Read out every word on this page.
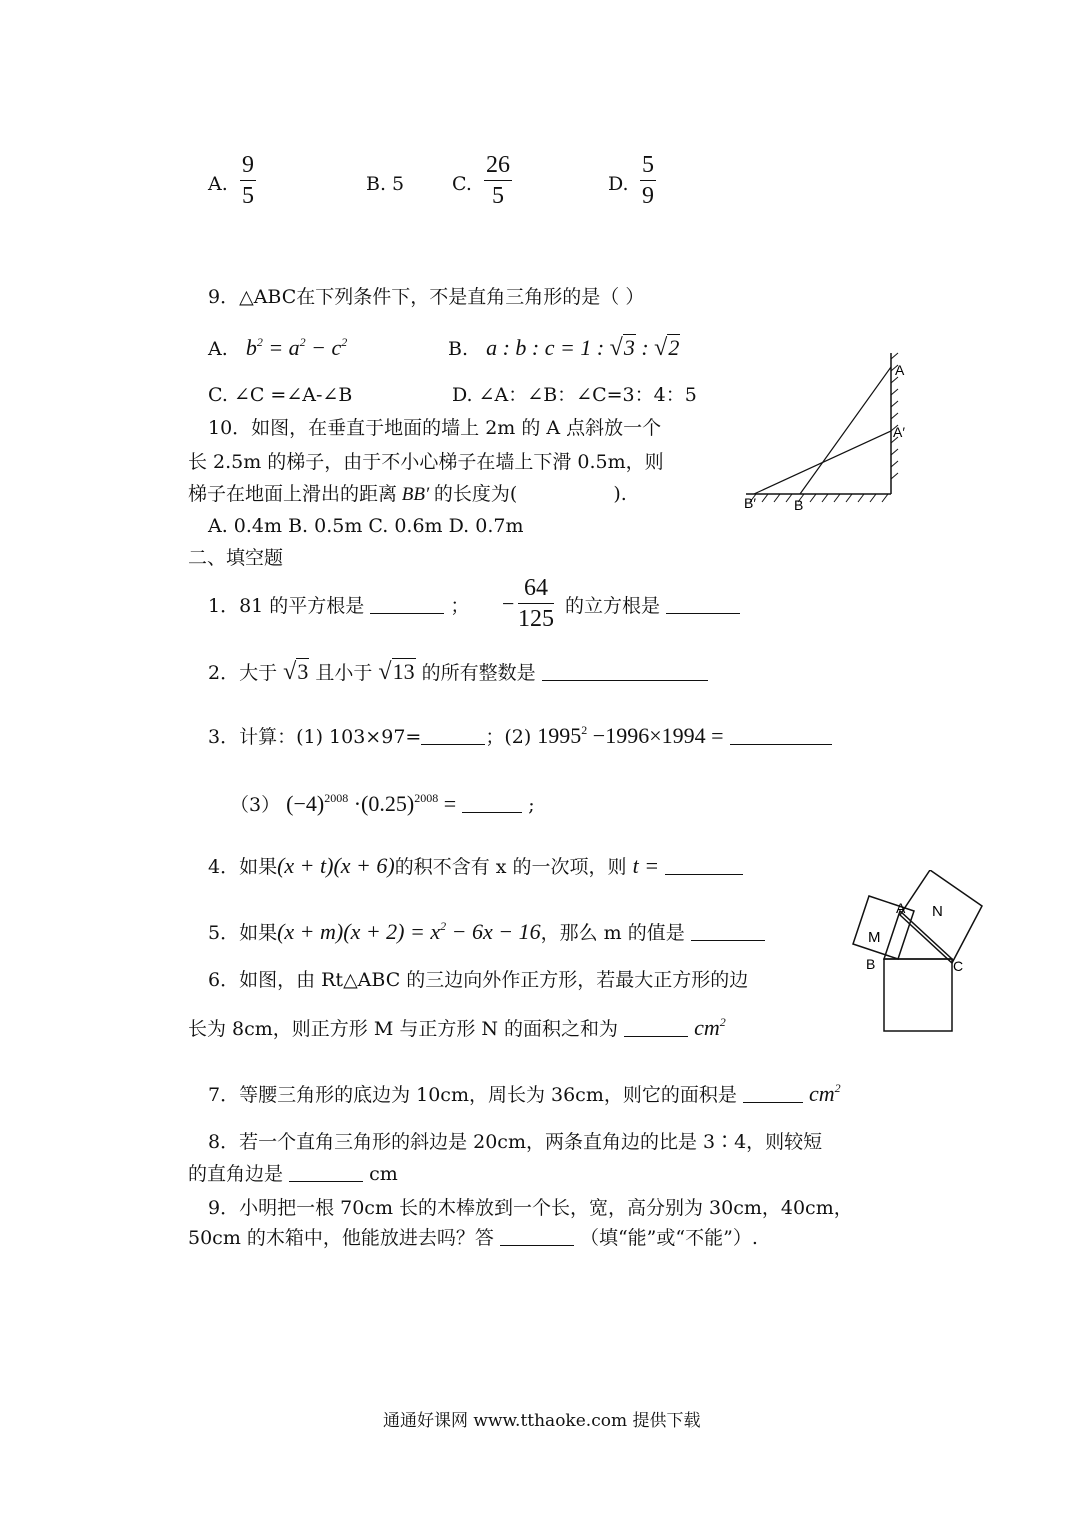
A.
9
5	B. 5	C.
26
5	D.
5
9
9．△ABC在下列条件下，不是直角三角形的是（ ）
A. $b^2 = a^2 - c^2$	B. a : b : c = 1 : √3 : √2
C. ∠C =∠A-∠B	D. ∠A：∠B：∠C=3：4：5
10．如图，在垂直于地面的墙上 2m 的 A 点斜放一个
长 2.5m 的梯子，由于不小心梯子在墙上下滑 0.5m，则
梯子在地面上滑出的距离 BB′ 的长度为(	).
A. 0.4m B. 0.5m C. 0.6m D. 0.7m
A
A′
B′	B
二、填空题
1．81 的平方根是	； −
64
125 的立方根是
2．大于 √3 且小于 √13 的所有整数是
3．计算：(1) 103×97=	；(2) $1995^2 -1996\times 1994$ =
（3） $(-4)^{2008} \cdot(0.25)^{2008}$ =	;
4．如果(x + t)(x + 6)的积不含有 x 的一次项，则 t =
5．如果$(x + m)(x + 2) = x^2 - 6x - 16$，那么 m 的值是
6．如图，由 Rt△ABC 的三边向外作正方形，若最大正方形的边
长为 8cm，则正方形 M 与正方形 N 的面积之和为	$cm^2$
A
B	C
M
N
7．等腰三角形的底边为 10cm，周长为 36cm，则它的面积是	$cm^2$
8．若一个直角三角形的斜边是 20cm，两条直角边的比是 3∶4，则较短
的直角边是	cm
9．小明把一根 70cm 长的木棒放到一个长，宽，高分别为 30cm，40cm，
50cm 的木箱中，他能放进去吗？答	（填“能”或“不能”）.
通通好课网 www.tthaoke.com 提供下载
